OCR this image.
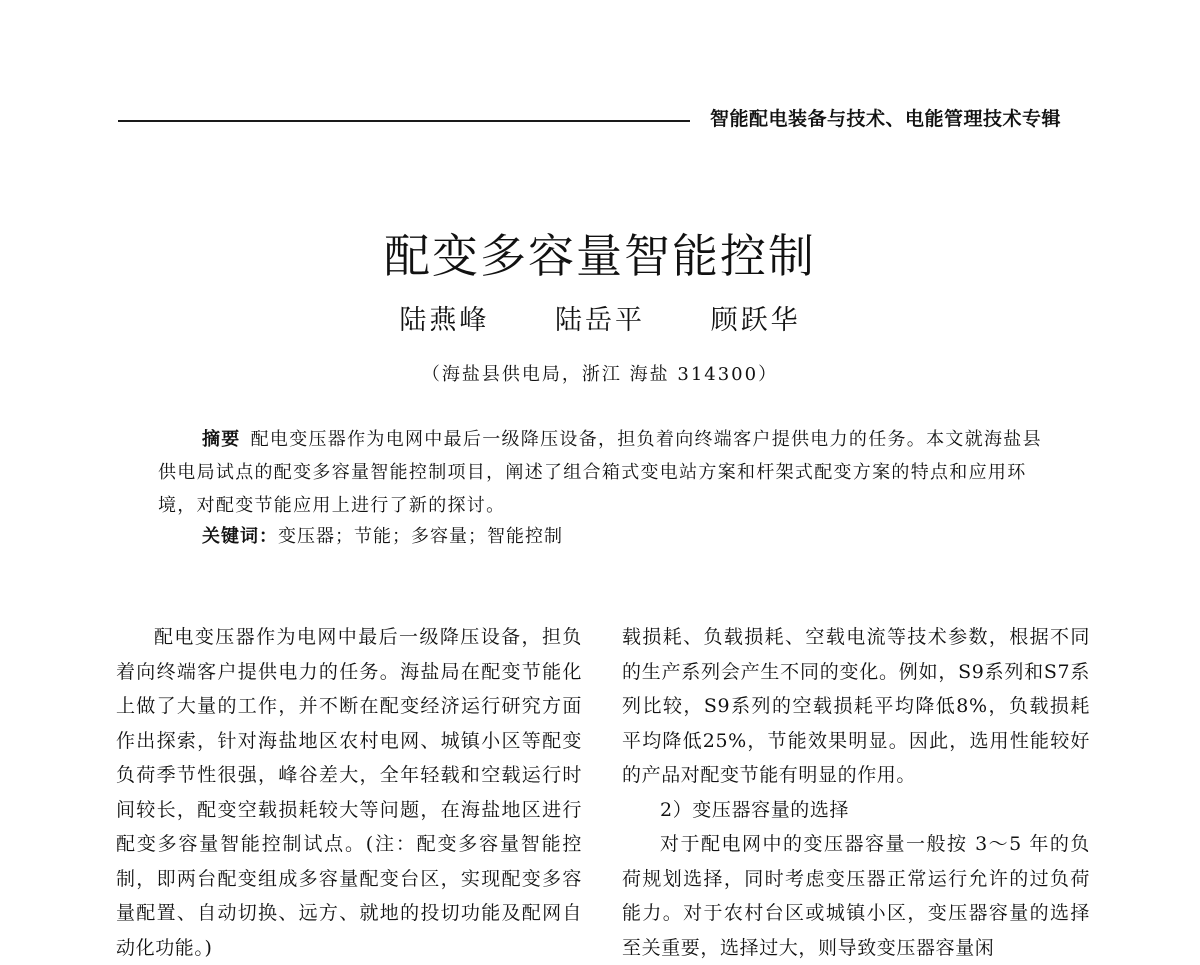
智能配电装备与技术、电能管理技术专辑
配变多容量智能控制
陆燕峰 陆岳平 顾跃华
（海盐县供电局，浙江 海盐 314300）
摘要 配电变压器作为电网中最后一级降压设备，担负着向终端客户提供电力的任务。本文就海盐县供电局试点的配变多容量智能控制项目，阐述了组合箱式变电站方案和杆架式配变方案的特点和应用环境，对配变节能应用上进行了新的探讨。
关键词：变压器；节能；多容量；智能控制

配电变压器作为电网中最后一级降压设备，担负着向终端客户提供电力的任务。海盐局在配变节能化上做了大量的工作，并不断在配变经济运行研究方面作出探索，针对海盐地区农村电网、城镇小区等配变负荷季节性很强，峰谷差大，全年轻载和空载运行时间较长，配变空载损耗较大等问题，在海盐地区进行配变多容量智能控制试点。(注：配变多容量智能控制，即两台配变组成多容量配变台区，实现配变多容量配置、自动切换、远方、就地的投切功能及配网自动化功能。)

载损耗、负载损耗、空载电流等技术参数，根据不同的生产系列会产生不同的变化。例如，S9系列和S7系列比较，S9系列的空载损耗平均降低8%，负载损耗平均降低25%，节能效果明显。因此，选用性能较好的产品对配变节能有明显的作用。

2）变压器容量的选择

对于配电网中的变压器容量一般按 3～5 年的负荷规划选择，同时考虑变压器正常运行允许的过负荷能力。对于农村台区或城镇小区，变压器容量的选择至关重要，选择过大，则导致变压器容量闲
